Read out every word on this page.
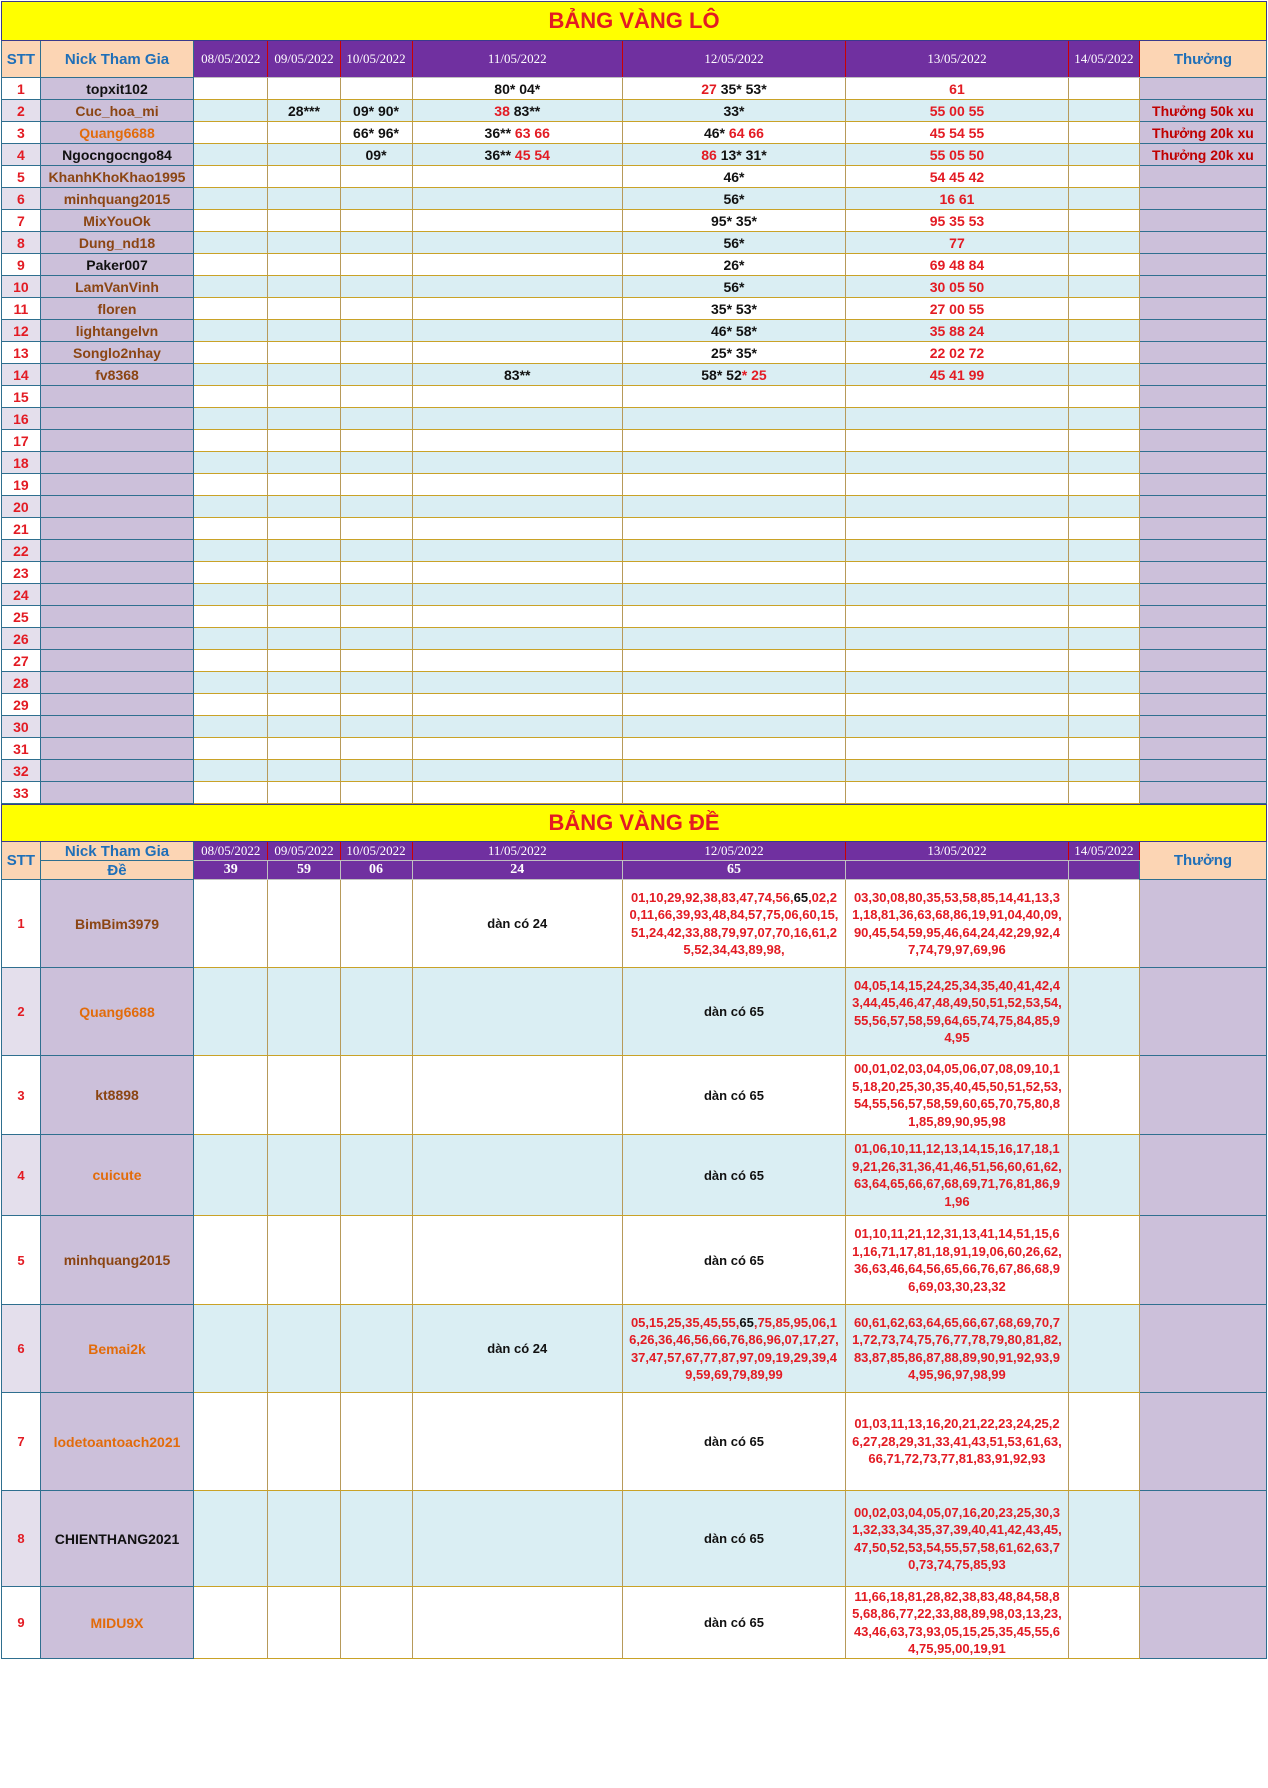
BẢNG VÀNG LÔ									
STT	Nick Tham Gia	08/05/2022	09/05/2022	10/05/2022	11/05/2022	12/05/2022	13/05/2022	14/05/2022	Thưởng
1	topxit102				80* 04*	27 35* 53*	61		
2	Cuc_hoa_mi		28***	09* 90*	38 83**	33*	55 00 55		Thưởng 50k xu
3	Quang6688			66* 96*	36** 63 66	46* 64 66	45 54 55		Thưởng 20k xu
4	Ngocngocngo84			09*	36** 45 54	86 13* 31*	55 05 50		Thưởng 20k xu
5	KhanhKhoKhao1995					46*	54 45 42		
6	minhquang2015					56*	16 61		
7	MixYouOk					95* 35*	95 35 53		
8	Dung_nd18					56*	77		
9	Paker007					26*	69 48 84		
10	LamVanVinh					56*	30 05 50		
11	floren					35* 53*	27 00 55		
12	lightangelvn					46* 58*	35 88 24		
13	Songlo2nhay					25* 35*	22 02 72		
14	fv8368				83**	58* 52* 25	45 41 99		
15									
16									
17									
18									
19									
20									
21									
22									
23									
24									
25									
26									
27									
28									
29									
30									
31									
32									
33									
BẢNG VÀNG ĐỀ									
STT	Nick Tham Gia	08/05/2022	09/05/2022	10/05/2022	11/05/2022	12/05/2022	13/05/2022	14/05/2022	Thưởng
	Đề	39	59	06	24	65			
1	BimBim3979				dàn có 24	01,10,29,92,38,83,47,74,56,65,02,20,11,66,39,93,48,84,57,75,06,60,15,51,24,42,33,88,79,97,07,70,16,61,25,52,34,43,89,98,	03,30,08,80,35,53,58,85,14,41,13,31,18,81,36,63,68,86,19,91,04,40,09,90,45,54,59,95,46,64,24,42,29,92,47,74,79,97,69,96		
2	Quang6688					dàn có 65	04,05,14,15,24,25,34,35,40,41,42,43,44,45,46,47,48,49,50,51,52,53,54,55,56,57,58,59,64,65,74,75,84,85,94,95		
3	kt8898					dàn có 65	00,01,02,03,04,05,06,07,08,09,10,15,18,20,25,30,35,40,45,50,51,52,53,54,55,56,57,58,59,60,65,70,75,80,81,85,89,90,95,98		
4	cuicute					dàn có 65	01,06,10,11,12,13,14,15,16,17,18,19,21,26,31,36,41,46,51,56,60,61,62,63,64,65,66,67,68,69,71,76,81,86,91,96		
5	minhquang2015					dàn có 65	01,10,11,21,12,31,13,41,14,51,15,61,16,71,17,81,18,91,19,06,60,26,62,36,63,46,64,56,65,66,76,67,86,68,96,69,03,30,23,32		
6	Bemai2k				dàn có 24	05,15,25,35,45,55,65,75,85,95,06,16,26,36,46,56,66,76,86,96,07,17,27,37,47,57,67,77,87,97,09,19,29,39,49,59,69,79,89,99	60,61,62,63,64,65,66,67,68,69,70,71,72,73,74,75,76,77,78,79,80,81,82,83,87,85,86,87,88,89,90,91,92,93,94,95,96,97,98,99		
7	lodetoantoach2021					dàn có 65	01,03,11,13,16,20,21,22,23,24,25,26,27,28,29,31,33,41,43,51,53,61,63,66,71,72,73,77,81,83,91,92,93		
8	CHIENTHANG2021					dàn có 65	00,02,03,04,05,07,16,20,23,25,30,31,32,33,34,35,37,39,40,41,42,43,45,47,50,52,53,54,55,57,58,61,62,63,70,73,74,75,85,93		
9	MIDU9X					dàn có 65	11,66,18,81,28,82,38,83,48,84,58,85,68,86,77,22,33,88,89,98,03,13,23,43,46,63,73,93,05,15,25,35,45,55,64,75,95,00,19,91		
